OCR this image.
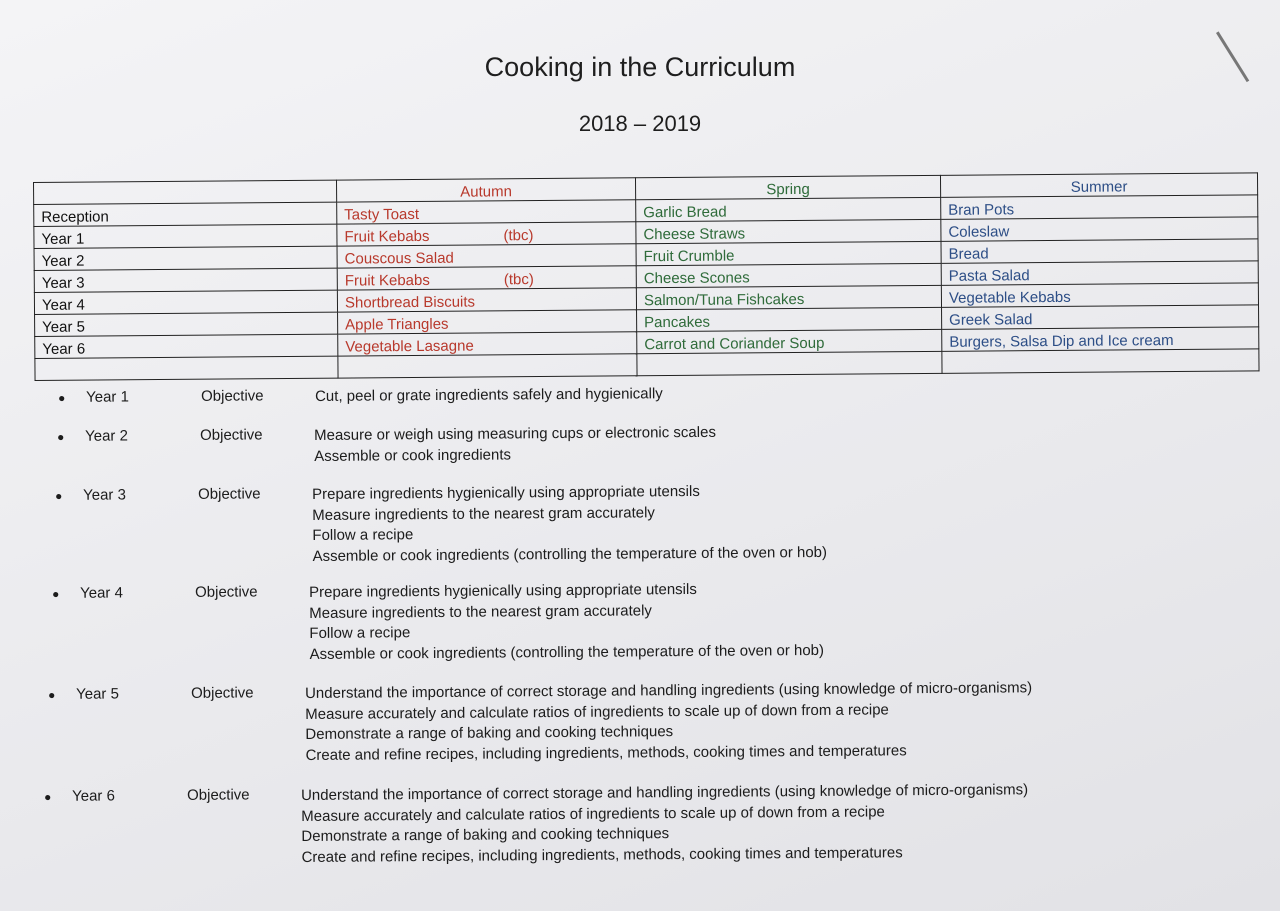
Cooking in the Curriculum
2018 – 2019
	Autumn	Spring	Summer
Reception	Tasty Toast	Garlic Bread	Bran Pots
Year 1	Fruit Kebabs (tbc)	Cheese Straws	Coleslaw
Year 2	Couscous Salad	Fruit Crumble	Bread
Year 3	Fruit Kebabs (tbc)	Cheese Scones	Pasta Salad
Year 4	Shortbread Biscuits	Salmon/Tuna Fishcakes	Vegetable Kebabs
Year 5	Apple Triangles	Pancakes	Greek Salad
Year 6	Vegetable Lasagne	Carrot and Coriander Soup	Burgers, Salsa Dip and Ice cream

● Year 1	Objective	Cut, peel or grate ingredients safely and hygienically
● Year 2	Objective	Measure or weigh using measuring cups or electronic scales
Assemble or cook ingredients
● Year 3	Objective	Prepare ingredients hygienically using appropriate utensils
Measure ingredients to the nearest gram accurately
Follow a recipe
Assemble or cook ingredients (controlling the temperature of the oven or hob)
● Year 4	Objective	Prepare ingredients hygienically using appropriate utensils
Measure ingredients to the nearest gram accurately
Follow a recipe
Assemble or cook ingredients (controlling the temperature of the oven or hob)
● Year 5	Objective	Understand the importance of correct storage and handling ingredients (using knowledge of micro-organisms)
Measure accurately and calculate ratios of ingredients to scale up of down from a recipe
Demonstrate a range of baking and cooking techniques
Create and refine recipes, including ingredients, methods, cooking times and temperatures
● Year 6	Objective	Understand the importance of correct storage and handling ingredients (using knowledge of micro-organisms)
Measure accurately and calculate ratios of ingredients to scale up of down from a recipe
Demonstrate a range of baking and cooking techniques
Create and refine recipes, including ingredients, methods, cooking times and temperatures
